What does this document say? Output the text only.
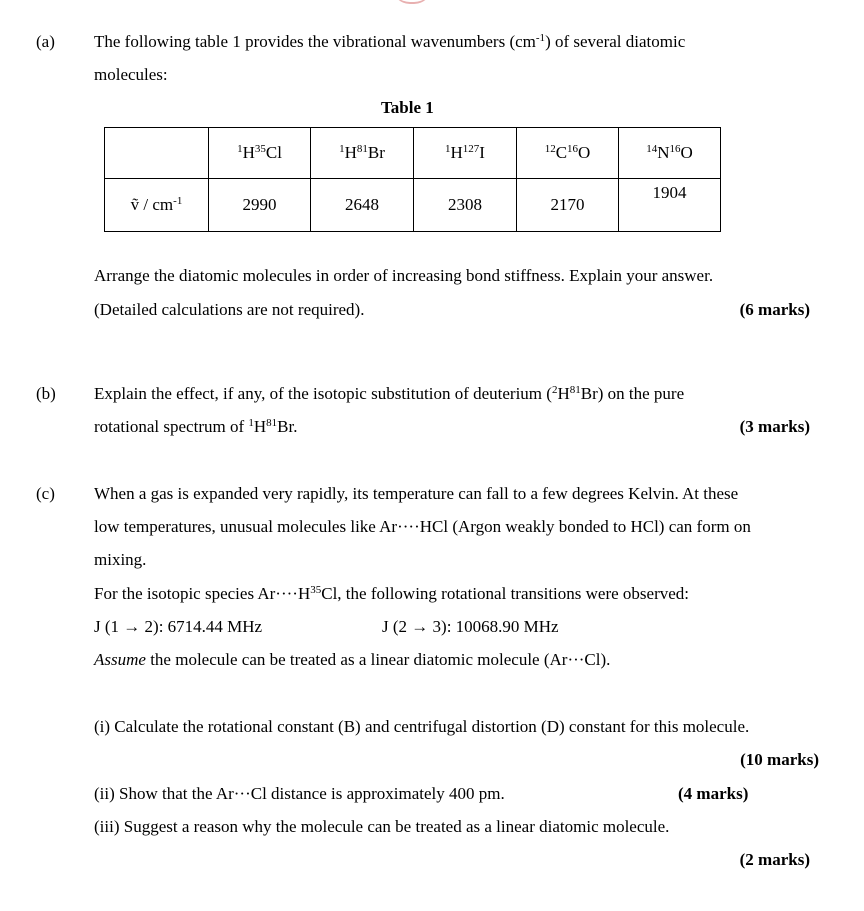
(a) The following table 1 provides the vibrational wavenumbers $(cm^{-1})$ of several diatomic
molecules:
Table 1
	$^1H^{35}Cl$	$^1H^{81}Br$	$^1H^{127}I$	$^{12}C^{16}O$	$^{14}N^{16}O$
ṽ / $cm^{-1}$	2990	2648	2308	2170	1904
Arrange the diatomic molecules in order of increasing bond stiffness. Explain your answer.
(Detailed calculations are not required).	(6 marks)
(b) Explain the effect, if any, of the isotopic substitution of deuterium $(^2H^{81}Br)$ on the pure
rotational spectrum of $^1H^{81}Br$.	(3 marks)
(c) When a gas is expanded very rapidly, its temperature can fall to a few degrees Kelvin. At these
low temperatures, unusual molecules like Ar····HCl (Argon weakly bonded to HCl) can form on
mixing.
For the isotopic species $Ar\cdot\cdot\cdot\cdot H^{35}Cl$, the following rotational transitions were observed:
J (1 → 2): 6714.44 MHz	J (2 → 3): 10068.90 MHz
Assume the molecule can be treated as a linear diatomic molecule (Ar···Cl).
(i) Calculate the rotational constant (B) and centrifugal distortion (D) constant for this molecule.
(10 marks)
(ii) Show that the Ar···Cl distance is approximately 400 pm.	(4 marks)
(iii) Suggest a reason why the molecule can be treated as a linear diatomic molecule.
(2 marks)
